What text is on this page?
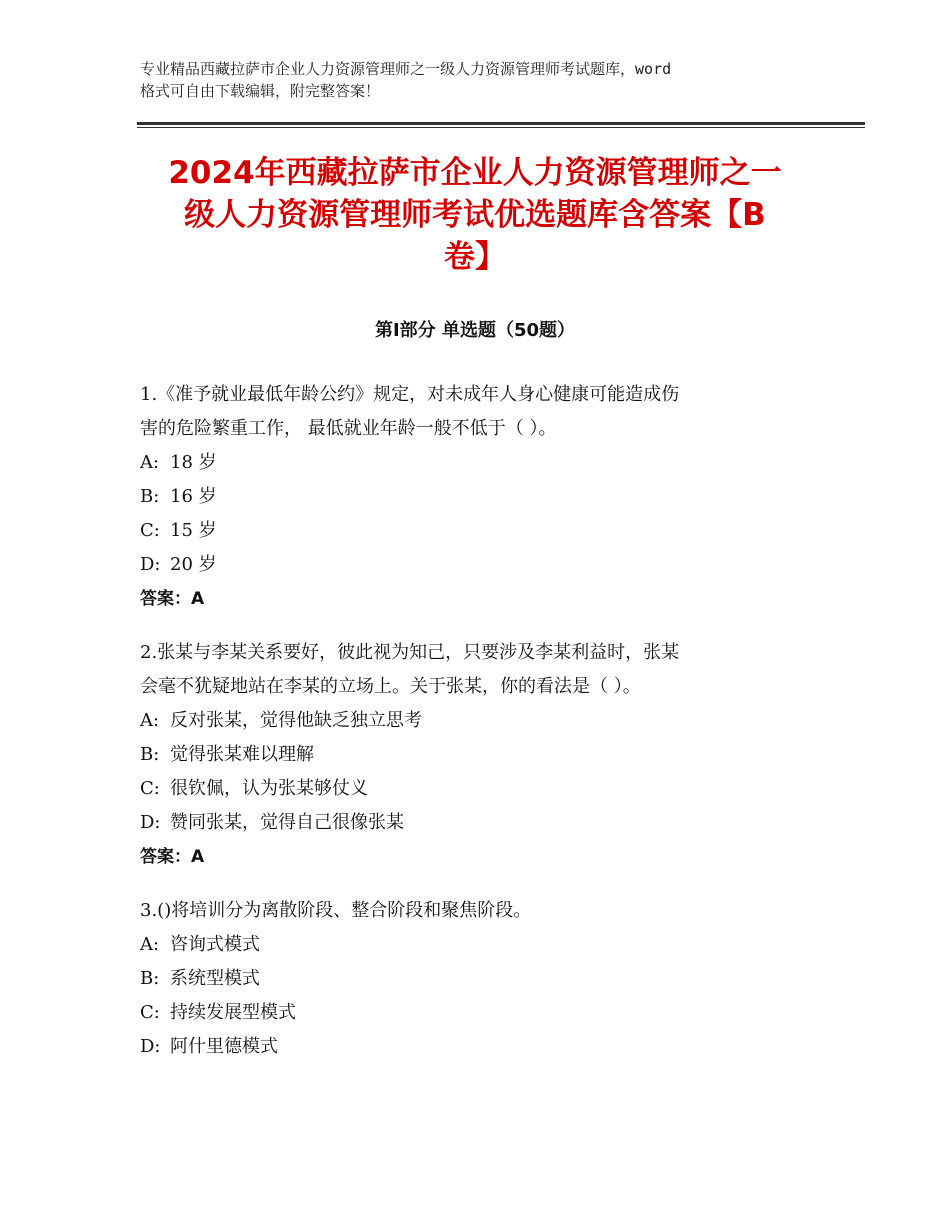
专业精品西藏拉萨市企业人力资源管理师之一级人力资源管理师考试题库，word
格式可自由下载编辑，附完整答案！
2024年西藏拉萨市企业人力资源管理师之一
级人力资源管理师考试优选题库含答案【B
卷】
第Ⅰ部分 单选题（50题）
1.《准予就业最低年龄公约》规定，对未成年人身心健康可能造成伤
害的危险繁重工作， 最低就业年龄一般不低于（ ）。
A: 18 岁
B: 16 岁
C: 15 岁
D: 20 岁
答案：A
2.张某与李某关系要好，彼此视为知己，只要涉及李某利益时，张某
会毫不犹疑地站在李某的立场上。关于张某，你的看法是（ ）。
A: 反对张某，觉得他缺乏独立思考
B: 觉得张某难以理解
C: 很钦佩，认为张某够仗义
D: 赞同张某，觉得自己很像张某
答案：A
3.()将培训分为离散阶段、整合阶段和聚焦阶段。
A: 咨询式模式
B: 系统型模式
C: 持续发展型模式
D: 阿什里德模式
